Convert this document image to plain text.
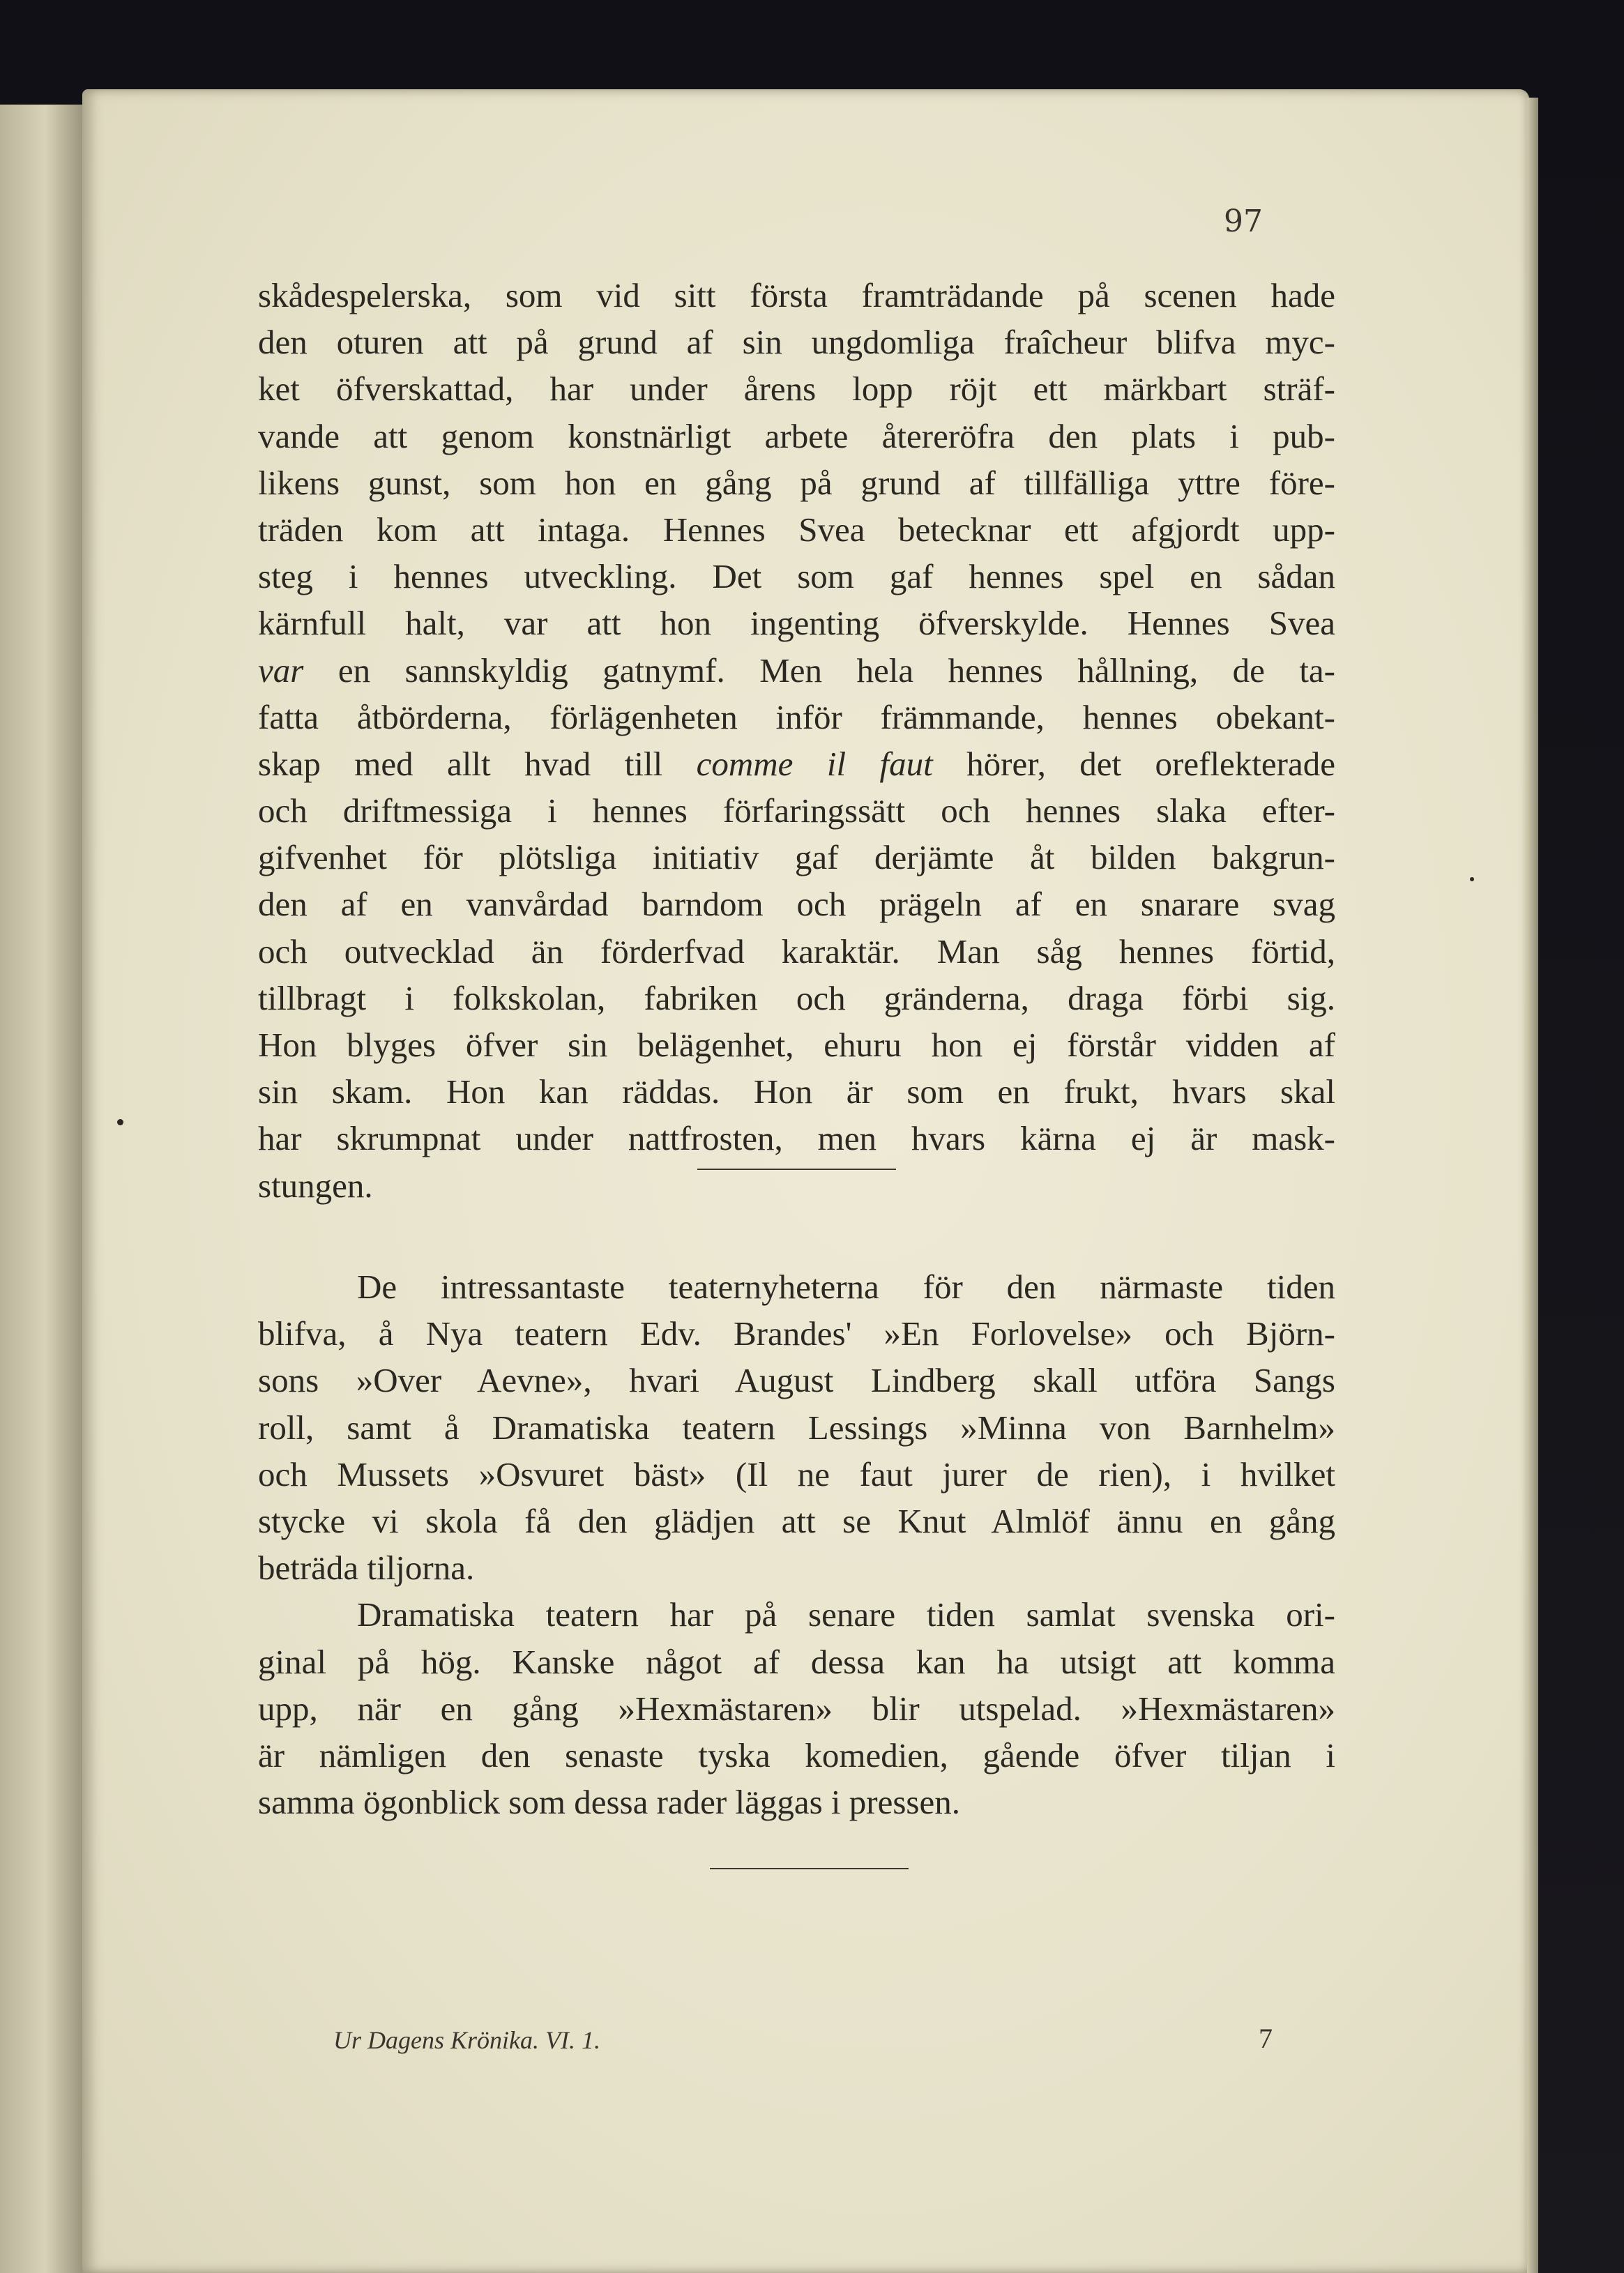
97
skådespelerska, som vid sitt första framträdande på scenen hade
den oturen att på grund af sin ungdomliga fraîcheur blifva myc-
ket öfverskattad, har under årens lopp röjt ett märkbart sträf-
vande att genom konstnärligt arbete återeröfra den plats i pub-
likens gunst, som hon en gång på grund af tillfälliga yttre före-
träden kom att intaga. Hennes Svea betecknar ett afgjordt upp-
steg i hennes utveckling. Det som gaf hennes spel en sådan
kärnfull halt, var att hon ingenting öfverskylde. Hennes Svea
var en sannskyldig gatnymf. Men hela hennes hållning, de ta-
fatta åtbörderna, förlägenheten inför främmande, hennes obekant-
skap med allt hvad till comme il faut hörer, det oreflekterade
och driftmessiga i hennes förfaringssätt och hennes slaka efter-
gifvenhet för plötsliga initiativ gaf derjämte åt bilden bakgrun-
den af en vanvårdad barndom och prägeln af en snarare svag
och outvecklad än förderfvad karaktär. Man såg hennes förtid,
tillbragt i folkskolan, fabriken och gränderna, draga förbi sig.
Hon blyges öfver sin belägenhet, ehuru hon ej förstår vidden af
sin skam. Hon kan räddas. Hon är som en frukt, hvars skal
har skrumpnat under nattfrosten, men hvars kärna ej är mask-
stungen.
De intressantaste teaternyheterna för den närmaste tiden
blifva, å Nya teatern Edv. Brandes' »En Forlovelse» och Björn-
sons »Over Aevne», hvari August Lindberg skall utföra Sangs
roll, samt å Dramatiska teatern Lessings »Minna von Barnhelm»
och Mussets »Osvuret bäst» (Il ne faut jurer de rien), i hvilket
stycke vi skola få den glädjen att se Knut Almlöf ännu en gång
beträda tiljorna.
Dramatiska teatern har på senare tiden samlat svenska ori-
ginal på hög. Kanske något af dessa kan ha utsigt att komma
upp, när en gång »Hexmästaren» blir utspelad. »Hexmästaren»
är nämligen den senaste tyska komedien, gående öfver tiljan i
samma ögonblick som dessa rader läggas i pressen.
Ur Dagens Krönika. VI. 1.	7
